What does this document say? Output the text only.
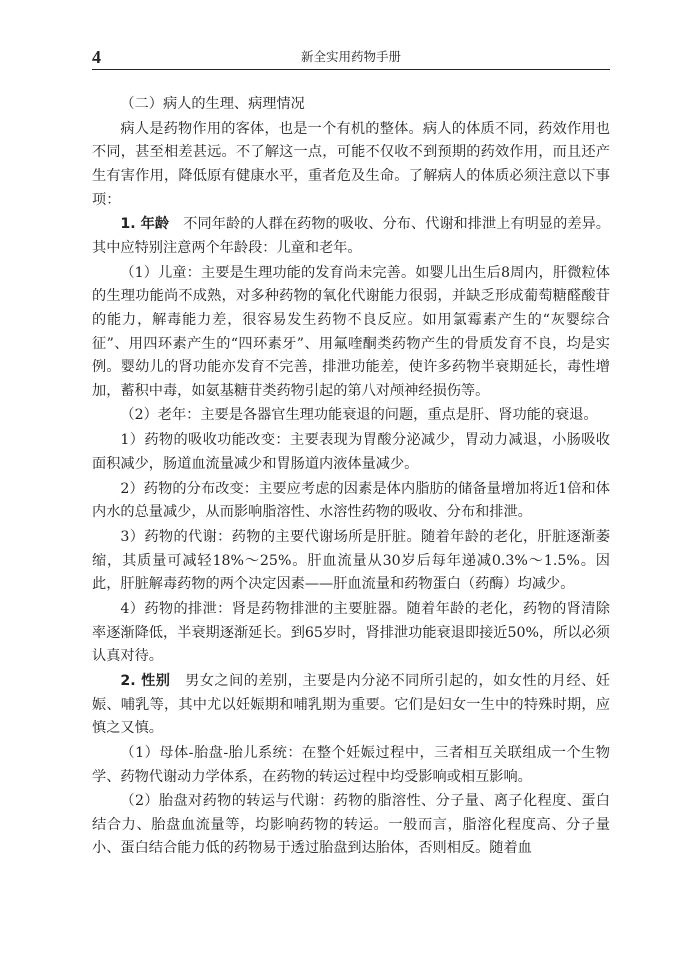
4	新全实用药物手册

（二）病人的生理、病理情况

病人是药物作用的客体，也是一个有机的整体。病人的体质不同，药效作用也不同，甚至相差甚远。不了解这一点，可能不仅收不到预期的药效作用，而且还产生有害作用，降低原有健康水平，重者危及生命。了解病人的体质必须注意以下事项：

1. 年龄　不同年龄的人群在药物的吸收、分布、代谢和排泄上有明显的差异。其中应特别注意两个年龄段：儿童和老年。

（1）儿童：主要是生理功能的发育尚未完善。如婴儿出生后8周内，肝微粒体的生理功能尚不成熟，对多种药物的氧化代谢能力很弱，并缺乏形成葡萄糖醛酸苷的能力，解毒能力差，很容易发生药物不良反应。如用氯霉素产生的“灰婴综合征”、用四环素产生的“四环素牙”、用氟喹酮类药物产生的骨质发育不良，均是实例。婴幼儿的肾功能亦发育不完善，排泄功能差，使许多药物半衰期延长，毒性增加，蓄积中毒，如氨基糖苷类药物引起的第八对颅神经损伤等。

（2）老年：主要是各器官生理功能衰退的问题，重点是肝、肾功能的衰退。

1）药物的吸收功能改变：主要表现为胃酸分泌减少，胃动力减退，小肠吸收面积减少，肠道血流量减少和胃肠道内液体量减少。

2）药物的分布改变：主要应考虑的因素是体内脂肪的储备量增加将近1倍和体内水的总量减少，从而影响脂溶性、水溶性药物的吸收、分布和排泄。

3）药物的代谢：药物的主要代谢场所是肝脏。随着年龄的老化，肝脏逐渐萎缩，其质量可减轻18%～25%。肝血流量从30岁后每年递减0.3%～1.5%。因此，肝脏解毒药物的两个决定因素——肝血流量和药物蛋白（药酶）均减少。

4）药物的排泄：肾是药物排泄的主要脏器。随着年龄的老化，药物的肾清除率逐渐降低，半衰期逐渐延长。到65岁时，肾排泄功能衰退即接近50%，所以必须认真对待。

2. 性别　男女之间的差别，主要是内分泌不同所引起的，如女性的月经、妊娠、哺乳等，其中尤以妊娠期和哺乳期为重要。它们是妇女一生中的特殊时期，应慎之又慎。

（1）母体-胎盘-胎儿系统：在整个妊娠过程中，三者相互关联组成一个生物学、药物代谢动力学体系，在药物的转运过程中均受影响或相互影响。

（2）胎盘对药物的转运与代谢：药物的脂溶性、分子量、离子化程度、蛋白结合力、胎盘血流量等，均影响药物的转运。一般而言，脂溶化程度高、分子量小、蛋白结合能力低的药物易于透过胎盘到达胎体，否则相反。随着血
